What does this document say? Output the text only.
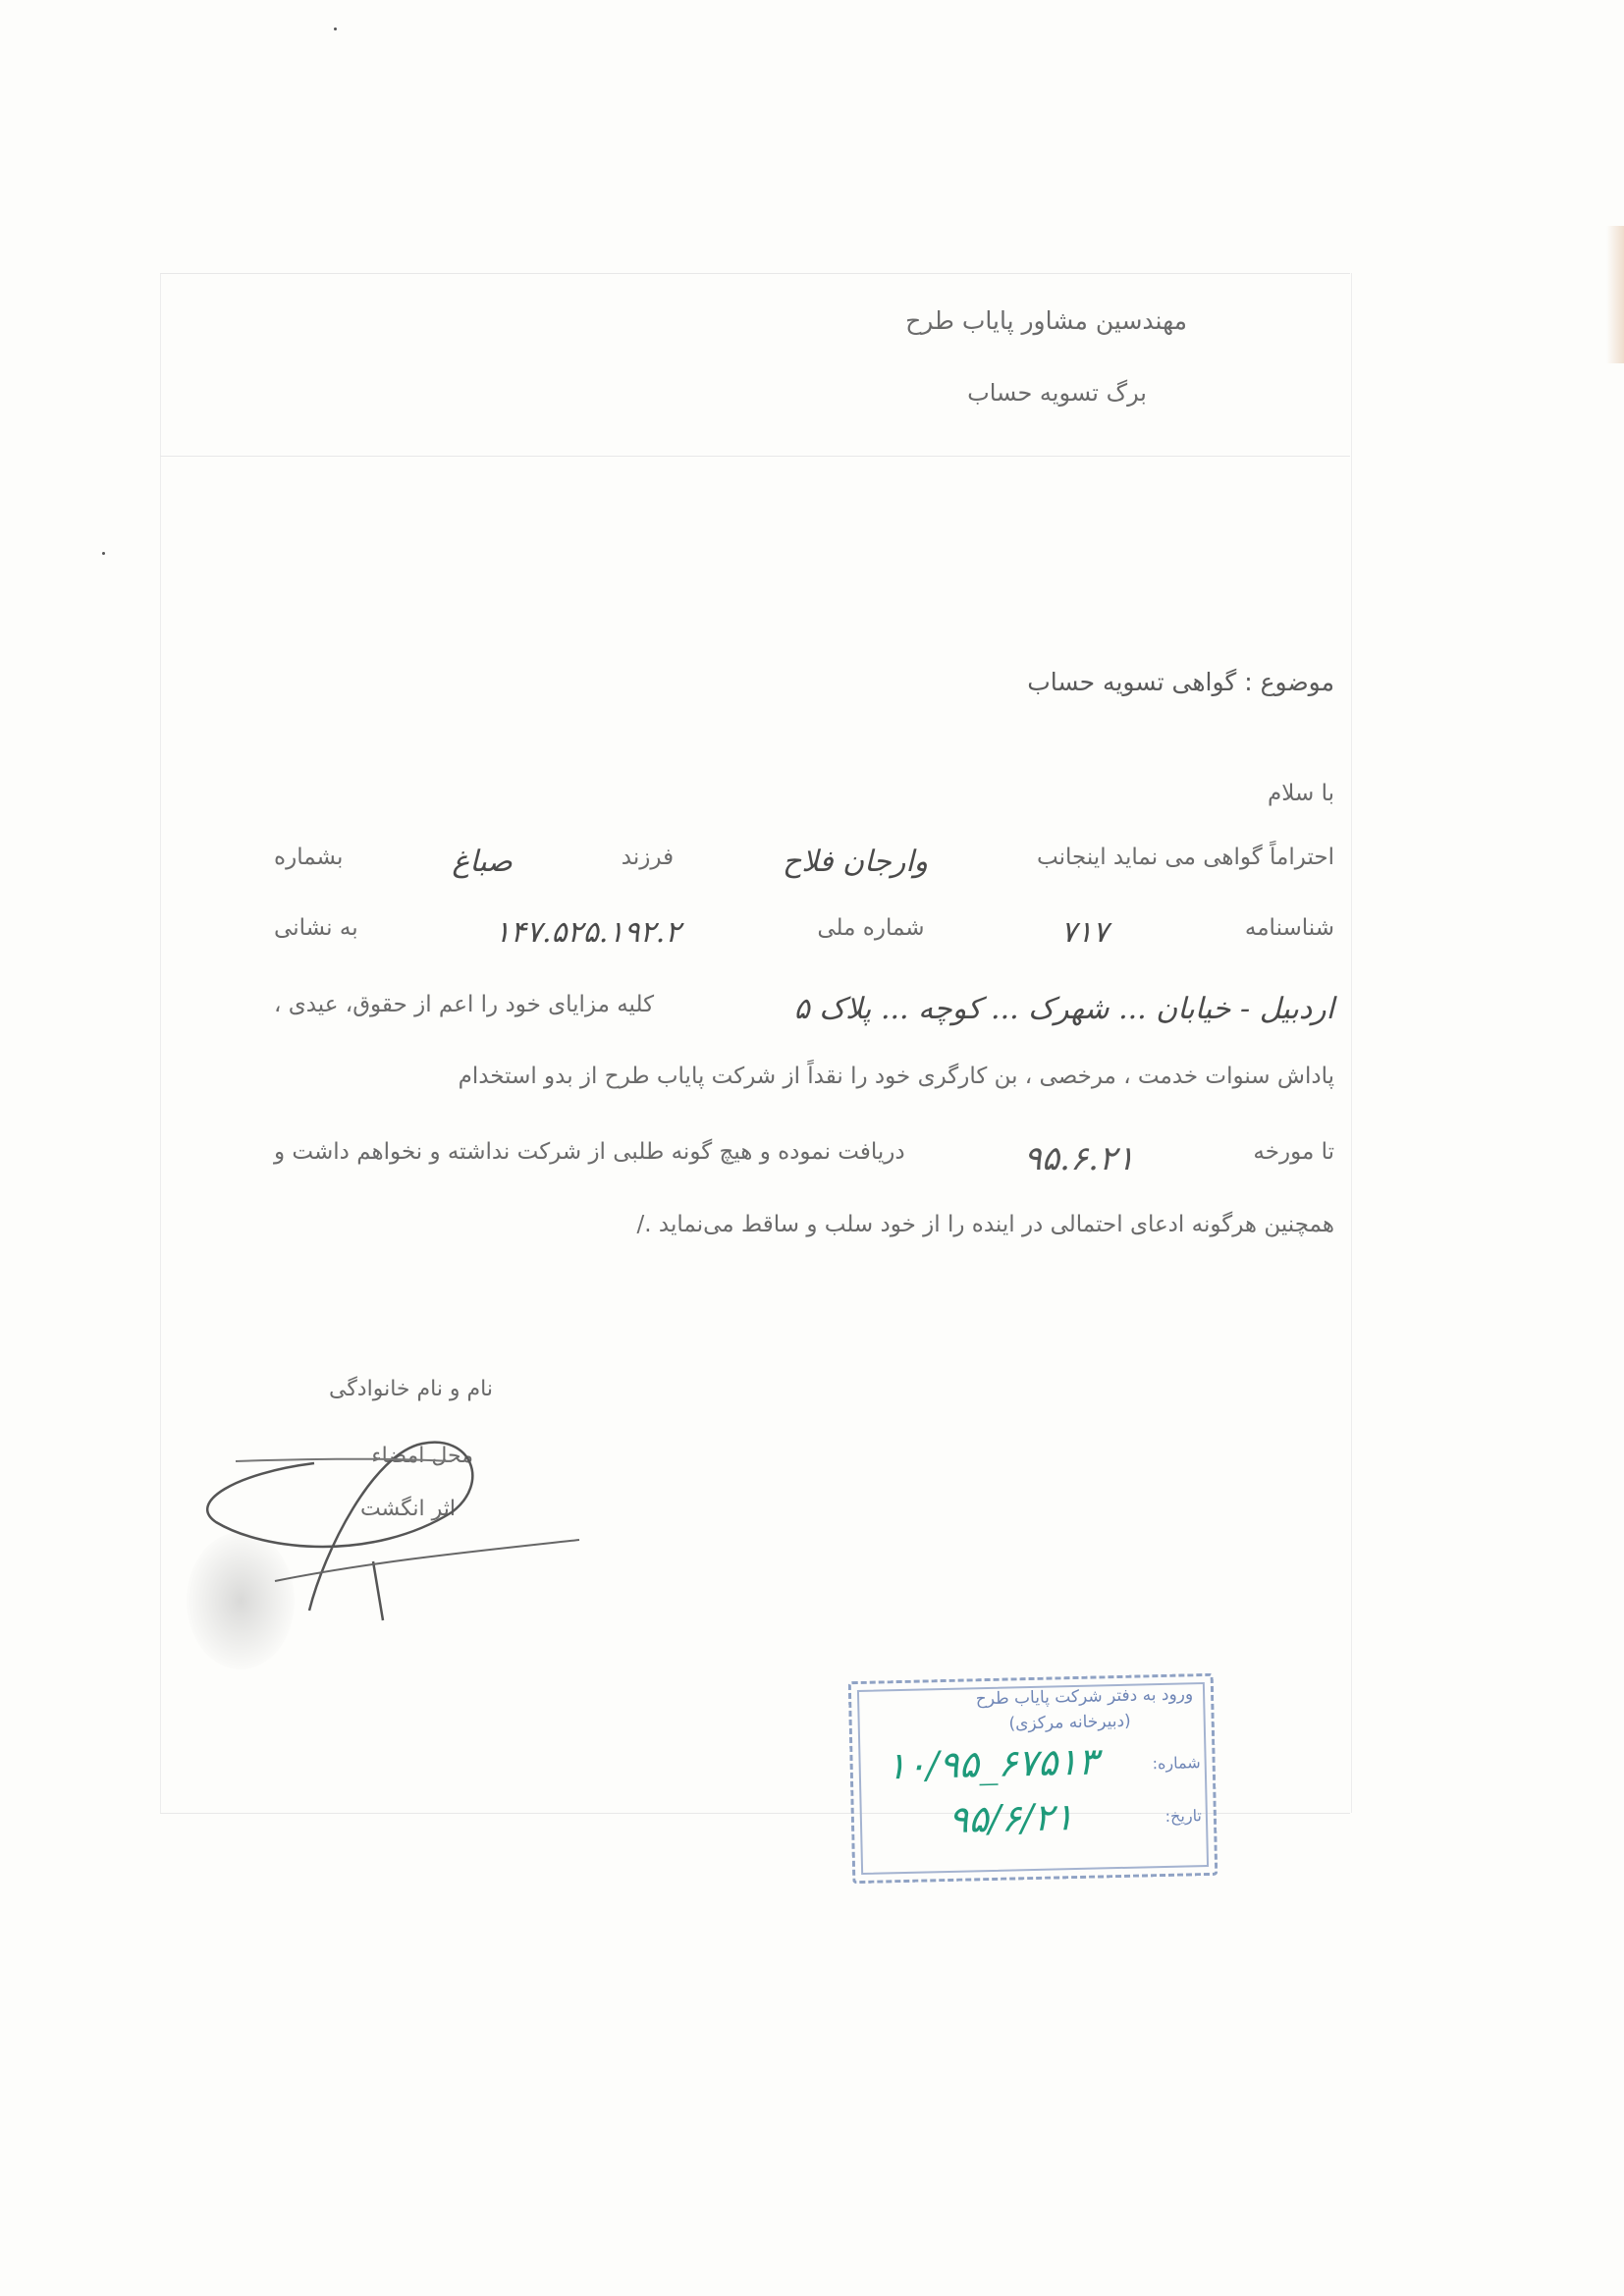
مهندسین مشاور پایاب طرح
برگ تسویه حساب
موضوع : گواهی تسویه حساب
با سلام
احتراماً گواهی می نماید اینجانب
وارجان فلاح
فرزند
صباغ
بشماره
شناسنامه
۷۱۷
شماره ملی
۱۴۷.۵۲۵.۱۹۲.۲
به نشانی
اردبیل - خیابان ... شهرک ... کوچه ... پلاک ۵
کلیه مزایای خود را اعم از حقوق، عیدی ،
پاداش سنوات خدمت ، مرخصی ، بن کارگری خود را نقداً از شرکت پایاب طرح از بدو استخدام
تا مورخه
۹۵.۶.۲۱
دریافت نموده و هیچ گونه طلبی از شرکت نداشته و نخواهم داشت و
همچنین هرگونه ادعای احتمالی در اینده را از خود سلب و ساقط می‌نماید ./
نام و نام خانوادگی
محل امضاء
اثر انگشت
ورود به دفتر شرکت پایاب طرح
(دبیرخانه مرکزی)
شماره:
تاریخ:
۱۰/۹۵_۶۷۵۱۳
۹۵/۶/۲۱
